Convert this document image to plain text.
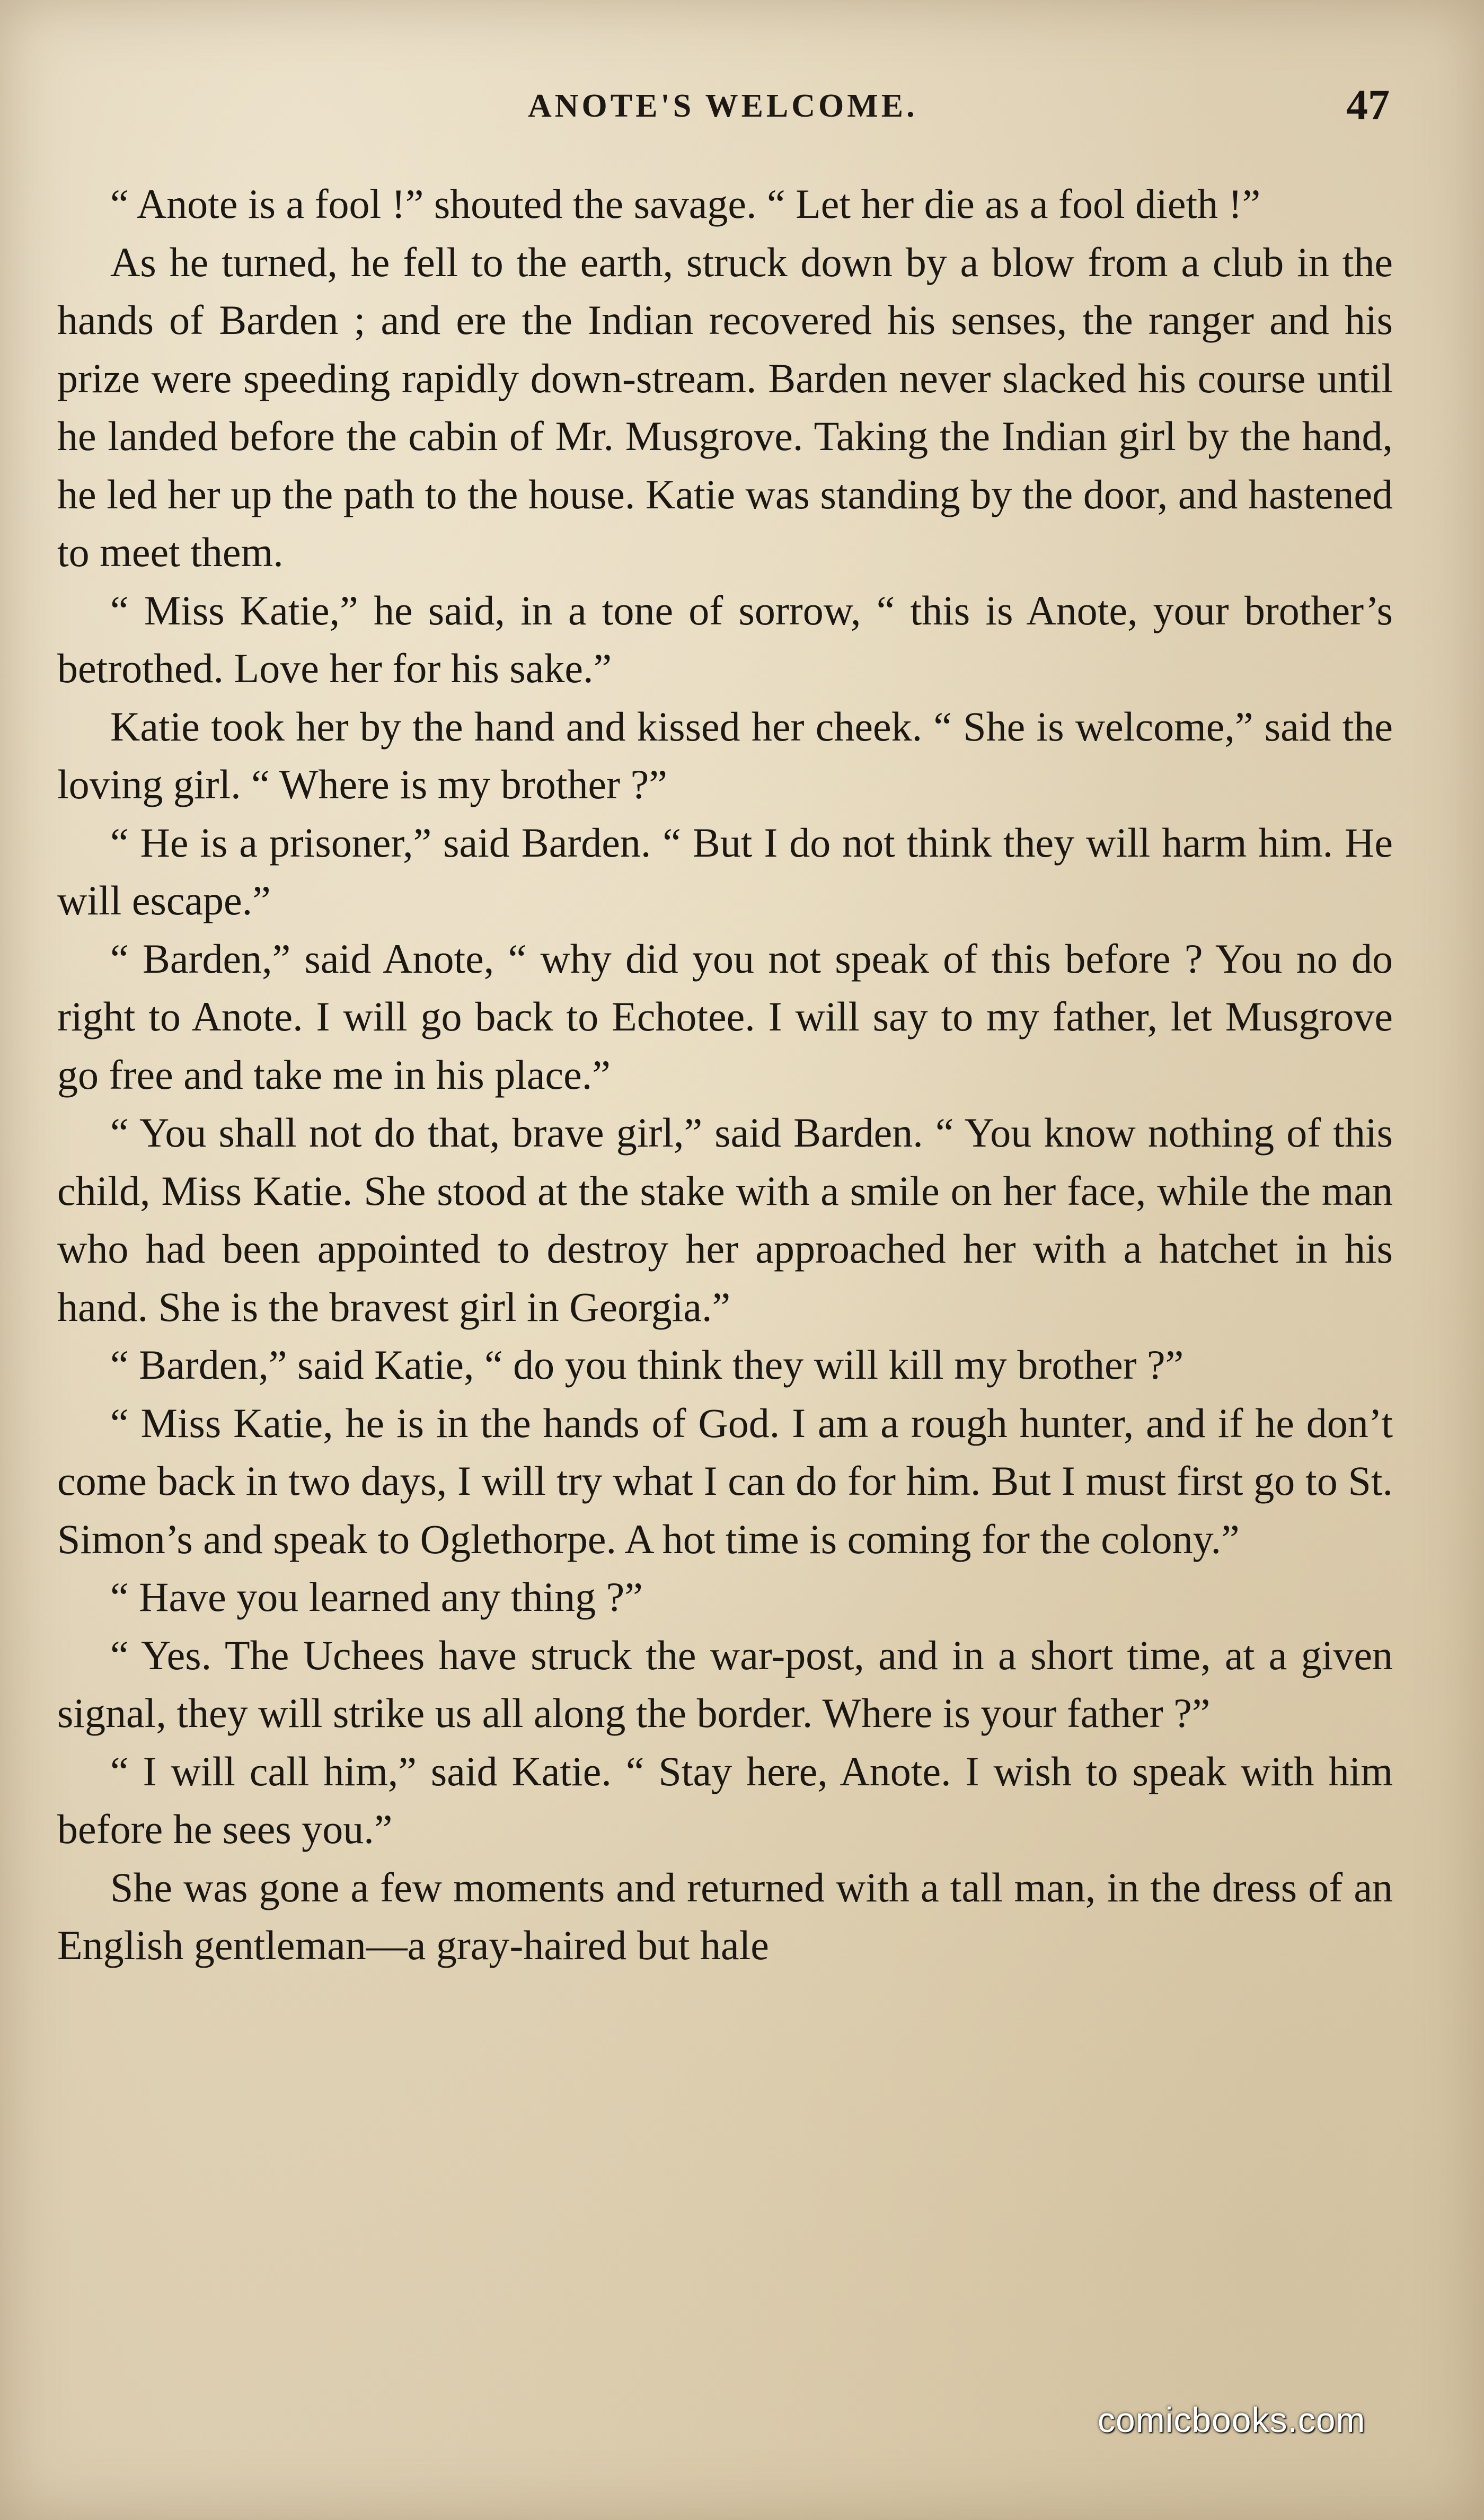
ANOTE'S WELCOME.	47

“ Anote is a fool !” shouted the savage. “ Let her die as a fool dieth !”

As he turned, he fell to the earth, struck down by a blow from a club in the hands of Barden ; and ere the Indian recovered his senses, the ranger and his prize were speeding rapidly down-stream. Barden never slacked his course until he landed before the cabin of Mr. Musgrove. Taking the Indian girl by the hand, he led her up the path to the house. Katie was standing by the door, and hastened to meet them.

“ Miss Katie,” he said, in a tone of sorrow, “ this is Anote, your brother’s betrothed. Love her for his sake.”

Katie took her by the hand and kissed her cheek. “ She is welcome,” said the loving girl. “ Where is my brother ?”

“ He is a prisoner,” said Barden. “ But I do not think they will harm him. He will escape.”

“ Barden,” said Anote, “ why did you not speak of this before ? You no do right to Anote. I will go back to Echotee. I will say to my father, let Musgrove go free and take me in his place.”

“ You shall not do that, brave girl,” said Barden. “ You know nothing of this child, Miss Katie. She stood at the stake with a smile on her face, while the man who had been appointed to destroy her approached her with a hatchet in his hand. She is the bravest girl in Georgia.”

“ Barden,” said Katie, “ do you think they will kill my brother ?”

“ Miss Katie, he is in the hands of God. I am a rough hunter, and if he don’t come back in two days, I will try what I can do for him. But I must first go to St. Simon’s and speak to Oglethorpe. A hot time is coming for the colony.”

“ Have you learned any thing ?”

“ Yes. The Uchees have struck the war-post, and in a short time, at a given signal, they will strike us all along the border. Where is your father ?”

“ I will call him,” said Katie. “ Stay here, Anote. I wish to speak with him before he sees you.”

She was gone a few moments and returned with a tall man, in the dress of an English gentleman—a gray-haired but hale

comicbooks.com
